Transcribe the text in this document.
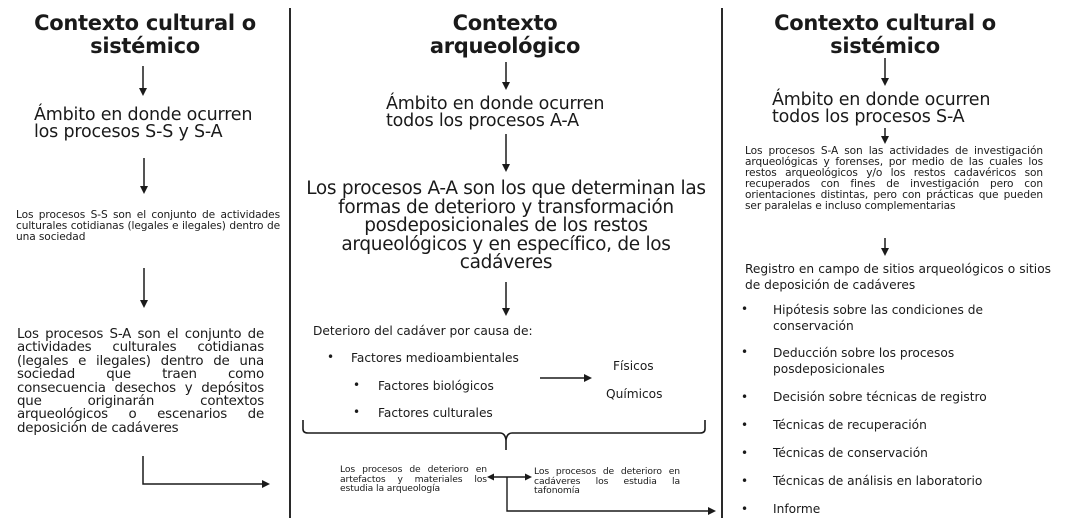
Contexto cultural o sistémico
Ámbito en donde ocurren los procesos S-S y S-A
Los procesos S-S son el conjunto de actividades culturales cotidianas (legales e ilegales) dentro de una sociedad
Los procesos S-A son el conjunto de actividades culturales cotidianas (legales e ilegales) dentro de una sociedad que traen como consecuencia desechos y depósitos que originarán contextos arqueológicos o escenarios de deposición de cadáveres
Contexto
arqueológico
Ámbito en donde ocurren todos los procesos A-A
Los procesos A-A son los que determinan las formas de deterioro y transformación posdeposicionales de los restos arqueológicos y en específico, de los cadáveres
Deterioro del cadáver por causa de:
• Factores medioambientales
• Factores biológicos
• Factores culturales
Físicos
Químicos
Los procesos de deterioro en artefactos y materiales los estudia la arqueología
Los procesos de deterioro en cadáveres los estudia la tafonomía
Contexto cultural o sistémico
Ámbito en donde ocurren todos los procesos S-A
Los procesos S-A son las actividades de investigación arqueológicas y forenses, por medio de las cuales los restos arqueológicos y/o los restos cadavéricos son recuperados con fines de investigación pero con orientaciones distintas, pero con prácticas que pueden ser paralelas e incluso complementarias
Registro en campo de sitios arqueológicos o sitios de deposición de cadáveres
• Hipótesis sobre las condiciones de conservación
• Deducción sobre los procesos posdeposicionales
• Decisión sobre técnicas de registro
• Técnicas de recuperación
• Técnicas de conservación
• Técnicas de análisis en laboratorio
• Informe
